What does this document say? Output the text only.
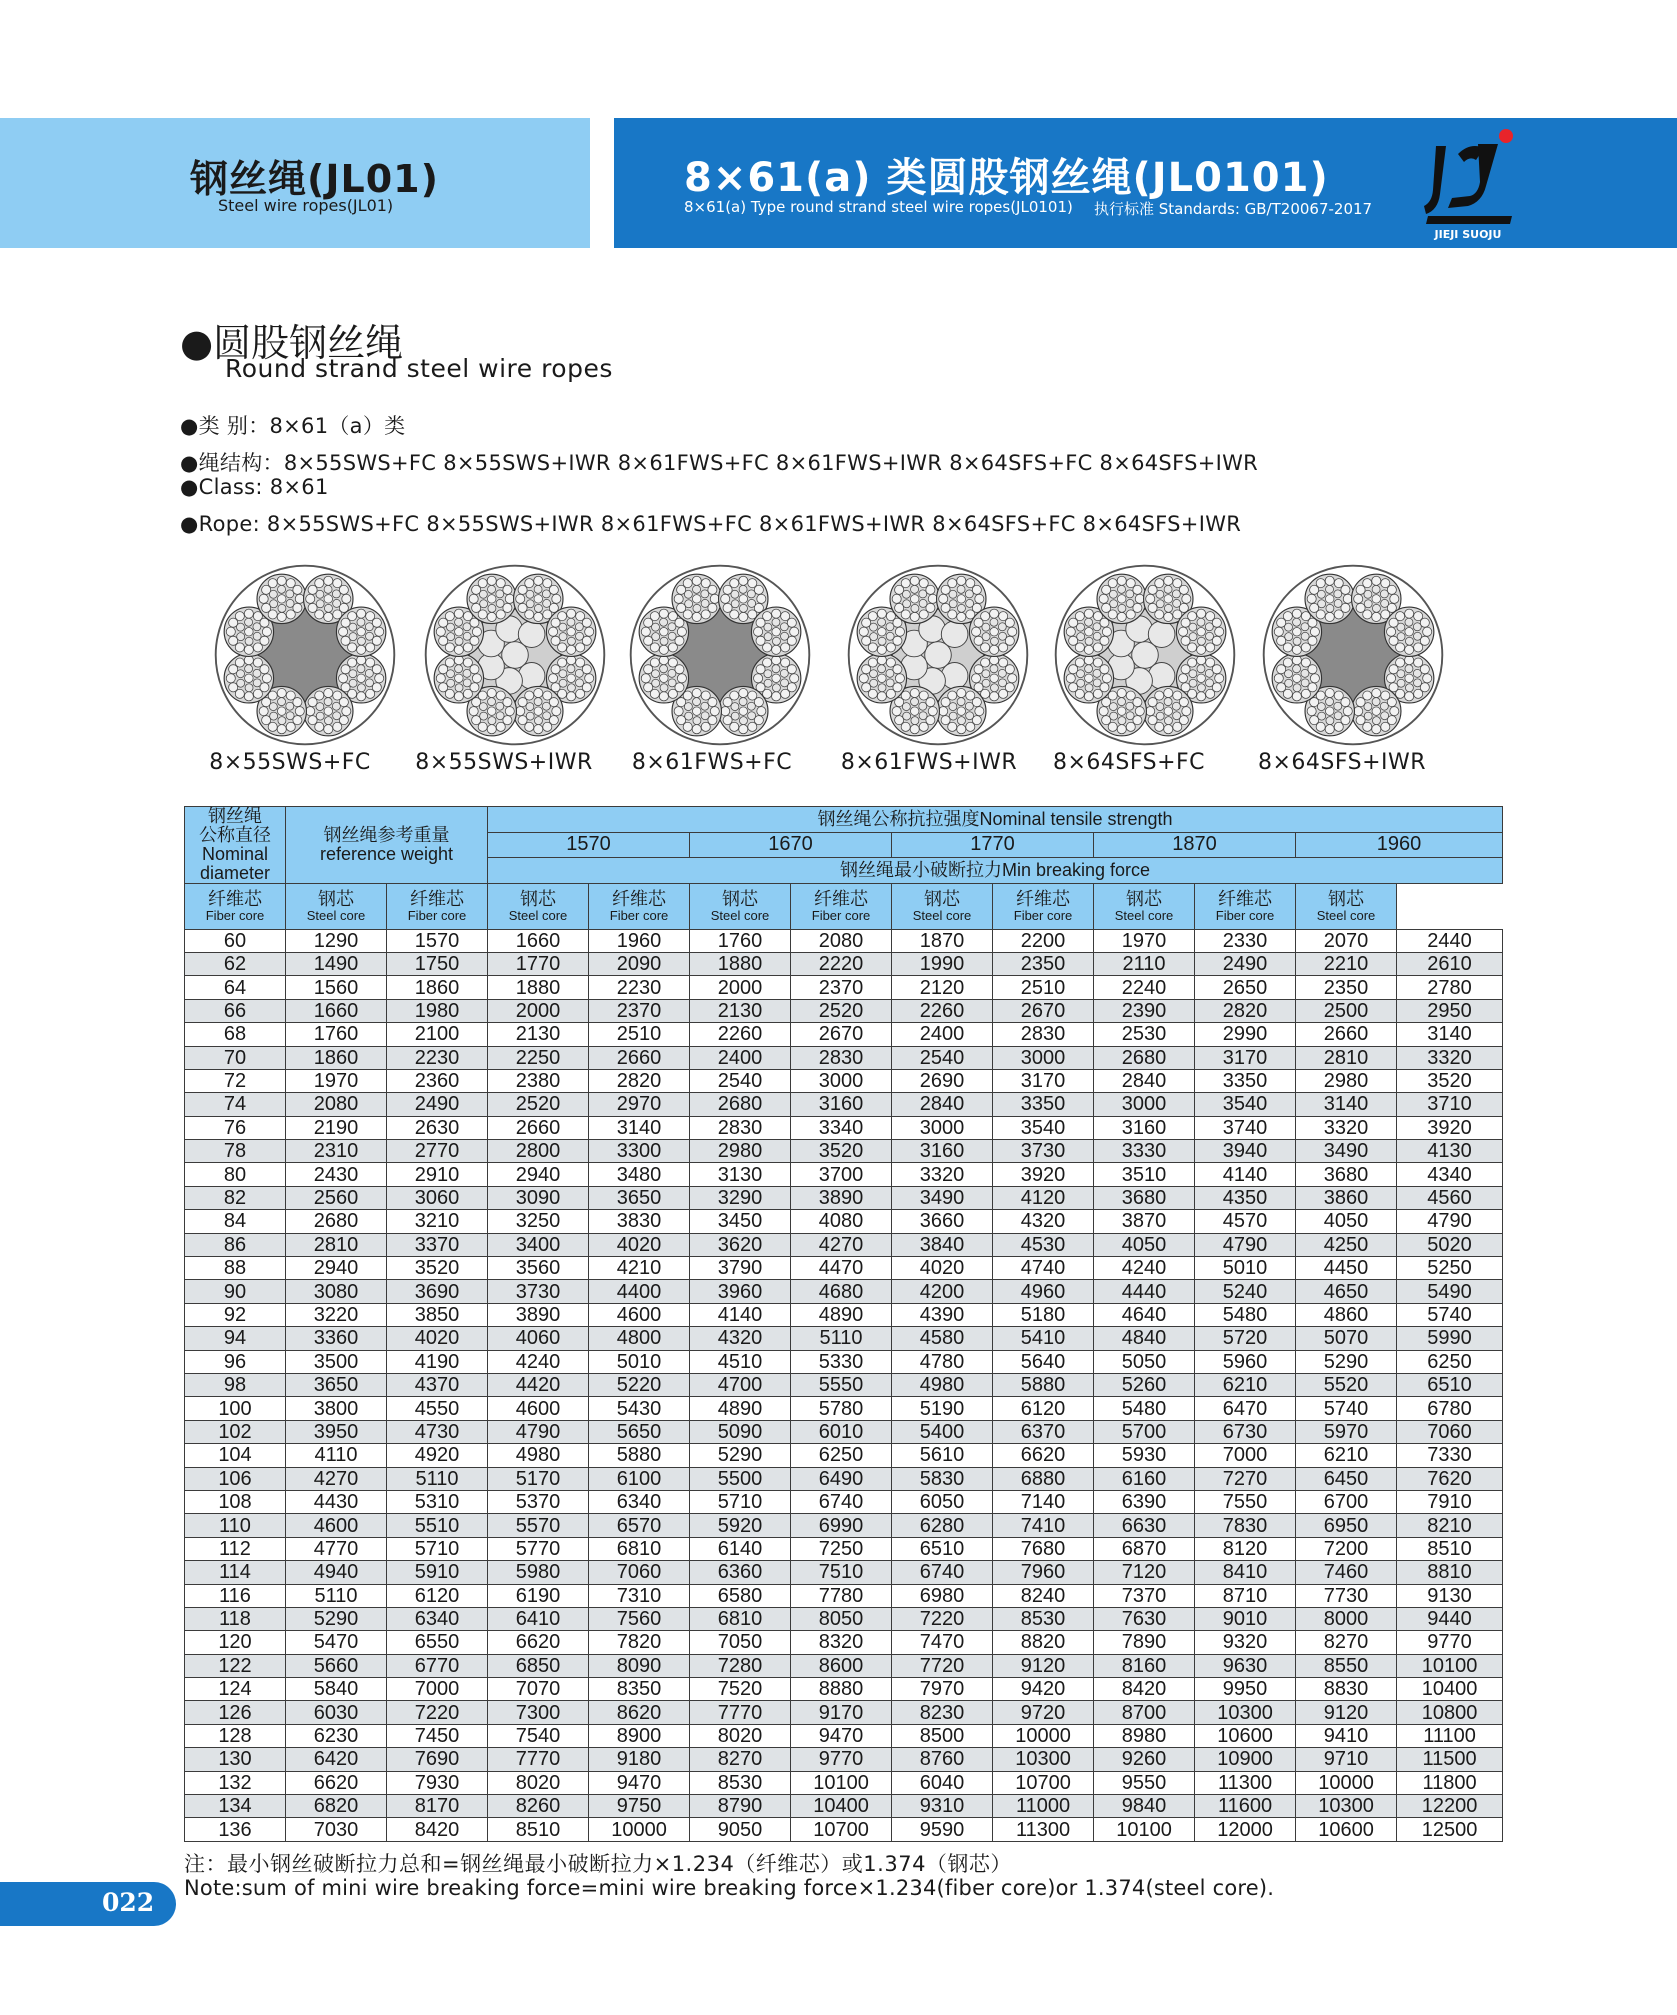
钢丝绳(JL01)
Steel wire ropes(JL01)
8×61(a) 类圆股钢丝绳(JL0101)
8×61(a) Type round strand steel wire ropes(JL0101) 执行标准 Standards: GB/T20067-2017
JIEJI SUOJU
●圆股钢丝绳
Round strand steel wire ropes
●类 别：8×61（a）类
●绳结构：8×55SWS+FC 8×55SWS+IWR 8×61FWS+FC 8×61FWS+IWR 8×64SFS+FC 8×64SFS+IWR
●Class: 8×61
●Rope: 8×55SWS+FC 8×55SWS+IWR 8×61FWS+FC 8×61FWS+IWR 8×64SFS+FC 8×64SFS+IWR
8×55SWS+FC	8×55SWS+IWR	8×61FWS+FC	8×61FWS+IWR	8×64SFS+FC	8×64SFS+IWR
钢丝绳
公称直径
Nominal
diameter	钢丝绳参考重量
reference weight		钢丝绳公称抗拉强度Nominal tensile strength									
			1570		1670		1770		1870		1960	
			钢丝绳最小破断拉力Min breaking force									

纤维芯
Fiber core	钢芯
Steel core	纤维芯
Fiber core	钢芯
Steel core	纤维芯
Fiber core	钢芯
Steel core	纤维芯
Fiber core	钢芯
Steel core	纤维芯
Fiber core	钢芯
Steel core	纤维芯
Fiber core	钢芯
Steel core	

60	1290	1570	1660	1960	1760	2080	1870	2200	1970	2330	2070	2440
62	1490	1750	1770	2090	1880	2220	1990	2350	2110	2490	2210	2610
64	1560	1860	1880	2230	2000	2370	2120	2510	2240	2650	2350	2780
66	1660	1980	2000	2370	2130	2520	2260	2670	2390	2820	2500	2950
68	1760	2100	2130	2510	2260	2670	2400	2830	2530	2990	2660	3140
70	1860	2230	2250	2660	2400	2830	2540	3000	2680	3170	2810	3320
72	1970	2360	2380	2820	2540	3000	2690	3170	2840	3350	2980	3520
74	2080	2490	2520	2970	2680	3160	2840	3350	3000	3540	3140	3710
76	2190	2630	2660	3140	2830	3340	3000	3540	3160	3740	3320	3920
78	2310	2770	2800	3300	2980	3520	3160	3730	3330	3940	3490	4130
80	2430	2910	2940	3480	3130	3700	3320	3920	3510	4140	3680	4340
82	2560	3060	3090	3650	3290	3890	3490	4120	3680	4350	3860	4560
84	2680	3210	3250	3830	3450	4080	3660	4320	3870	4570	4050	4790
86	2810	3370	3400	4020	3620	4270	3840	4530	4050	4790	4250	5020
88	2940	3520	3560	4210	3790	4470	4020	4740	4240	5010	4450	5250
90	3080	3690	3730	4400	3960	4680	4200	4960	4440	5240	4650	5490
92	3220	3850	3890	4600	4140	4890	4390	5180	4640	5480	4860	5740
94	3360	4020	4060	4800	4320	5110	4580	5410	4840	5720	5070	5990
96	3500	4190	4240	5010	4510	5330	4780	5640	5050	5960	5290	6250
98	3650	4370	4420	5220	4700	5550	4980	5880	5260	6210	5520	6510
100	3800	4550	4600	5430	4890	5780	5190	6120	5480	6470	5740	6780
102	3950	4730	4790	5650	5090	6010	5400	6370	5700	6730	5970	7060
104	4110	4920	4980	5880	5290	6250	5610	6620	5930	7000	6210	7330
106	4270	5110	5170	6100	5500	6490	5830	6880	6160	7270	6450	7620
108	4430	5310	5370	6340	5710	6740	6050	7140	6390	7550	6700	7910
110	4600	5510	5570	6570	5920	6990	6280	7410	6630	7830	6950	8210
112	4770	5710	5770	6810	6140	7250	6510	7680	6870	8120	7200	8510
114	4940	5910	5980	7060	6360	7510	6740	7960	7120	8410	7460	8810
116	5110	6120	6190	7310	6580	7780	6980	8240	7370	8710	7730	9130
118	5290	6340	6410	7560	6810	8050	7220	8530	7630	9010	8000	9440
120	5470	6550	6620	7820	7050	8320	7470	8820	7890	9320	8270	9770
122	5660	6770	6850	8090	7280	8600	7720	9120	8160	9630	8550	10100
124	5840	7000	7070	8350	7520	8880	7970	9420	8420	9950	8830	10400
126	6030	7220	7300	8620	7770	9170	8230	9720	8700	10300	9120	10800
128	6230	7450	7540	8900	8020	9470	8500	10000	8980	10600	9410	11100
130	6420	7690	7770	9180	8270	9770	8760	10300	9260	10900	9710	11500
132	6620	7930	8020	9470	8530	10100	6040	10700	9550	11300	10000	11800
134	6820	8170	8260	9750	8790	10400	9310	11000	9840	11600	10300	12200
136	7030	8420	8510	10000	9050	10700	9590	11300	10100	12000	10600	12500
注：最小钢丝破断拉力总和=钢丝绳最小破断拉力×1.234（纤维芯）或1.374（钢芯）
Note:sum of mini wire breaking force=mini wire breaking force×1.234(fiber core)or 1.374(steel core).
022
